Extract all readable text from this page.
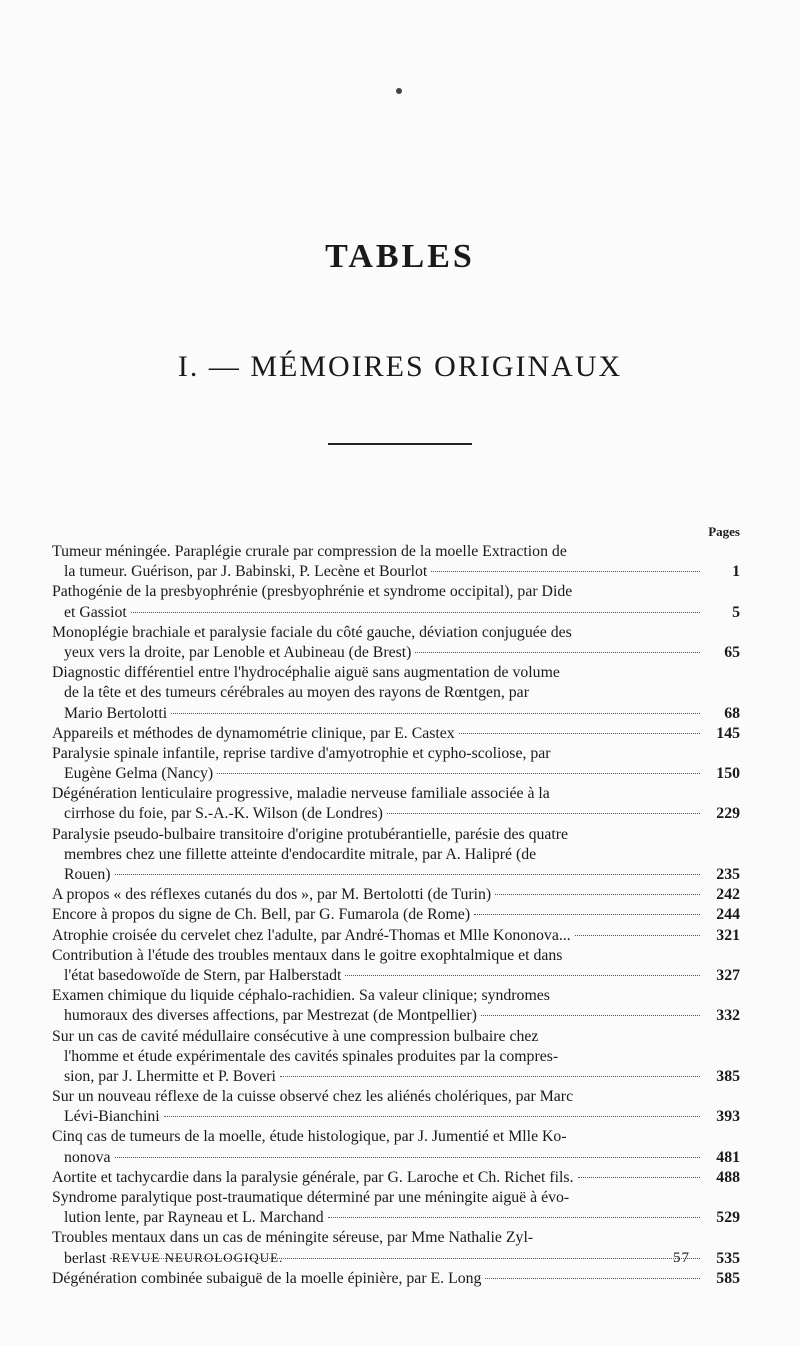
TABLES
I. — MÉMOIRES ORIGINAUX
Pages
Tumeur méningée. Paraplégie crurale par compression de la moelle Extraction de
la tumeur. Guérison, par J. Babinski, P. Lecène et Bourlot	1
Pathogénie de la presbyophrénie (presbyophrénie et syndrome occipital), par Dide
et Gassiot	5
Monoplégie brachiale et paralysie faciale du côté gauche, déviation conjuguée des
yeux vers la droite, par Lenoble et Aubineau (de Brest)	65
Diagnostic différentiel entre l'hydrocéphalie aiguë sans augmentation de volume
de la tête et des tumeurs cérébrales au moyen des rayons de Rœntgen, par
Mario Bertolotti	68
Appareils et méthodes de dynamométrie clinique, par E. Castex	145
Paralysie spinale infantile, reprise tardive d'amyotrophie et cypho-scoliose, par
Eugène Gelma (Nancy)	150
Dégénération lenticulaire progressive, maladie nerveuse familiale associée à la
cirrhose du foie, par S.-A.-K. Wilson (de Londres)	229
Paralysie pseudo-bulbaire transitoire d'origine protubérantielle, parésie des quatre
membres chez une fillette atteinte d'endocardite mitrale, par A. Halipré (de
Rouen)	235
A propos « des réflexes cutanés du dos », par M. Bertolotti (de Turin)	242
Encore à propos du signe de Ch. Bell, par G. Fumarola (de Rome)	244
Atrophie croisée du cervelet chez l'adulte, par André-Thomas et Mlle Kononova...	321
Contribution à l'étude des troubles mentaux dans le goitre exophtalmique et dans
l'état basedowoïde de Stern, par Halberstadt	327
Examen chimique du liquide céphalo-rachidien. Sa valeur clinique; syndromes
humoraux des diverses affections, par Mestrezat (de Montpellier)	332
Sur un cas de cavité médullaire consécutive à une compression bulbaire chez
l'homme et étude expérimentale des cavités spinales produites par la compres-
sion, par J. Lhermitte et P. Boveri	385
Sur un nouveau réflexe de la cuisse observé chez les aliénés cholériques, par Marc
Lévi-Bianchini	393
Cinq cas de tumeurs de la moelle, étude histologique, par J. Jumentié et Mlle Ko-
nonova	481
Aortite et tachycardie dans la paralysie générale, par G. Laroche et Ch. Richet fils.	488
Syndrome paralytique post-traumatique déterminé par une méningite aiguë à évo-
lution lente, par Rayneau et L. Marchand	529
Troubles mentaux dans un cas de méningite séreuse, par Mme Nathalie Zyl-
berlast	535
Dégénération combinée subaiguë de la moelle épinière, par E. Long	585
REVUE NEUROLOGIQUE.	57
